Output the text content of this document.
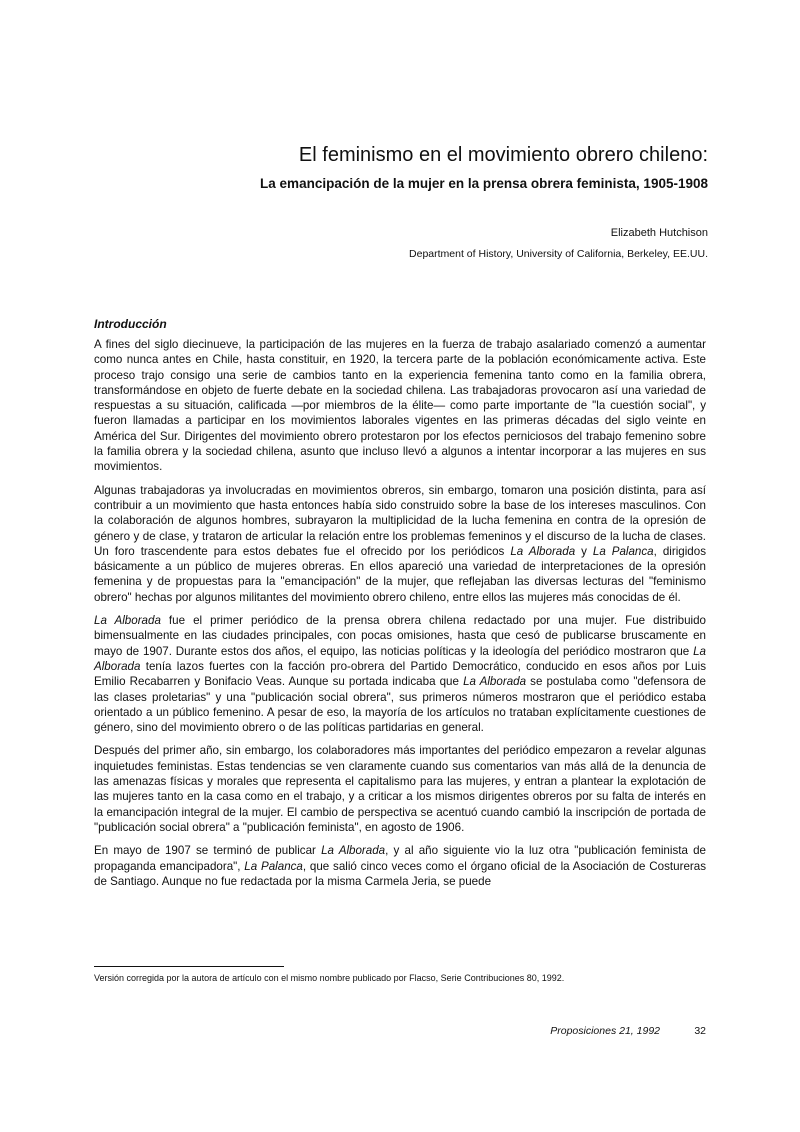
El feminismo en el movimiento obrero chileno:
La emancipación de la mujer en la prensa obrera feminista, 1905-1908

Elizabeth Hutchison

Department of History, University of California, Berkeley, EE.UU.

Introducción

A fines del siglo diecinueve, la participación de las mujeres en la fuerza de trabajo asalariado comenzó a aumentar como nunca antes en Chile, hasta constituir, en 1920, la tercera parte de la población económicamente activa. Este proceso trajo consigo una serie de cambios tanto en la experiencia femenina tanto como en la familia obrera, transformándose en objeto de fuerte debate en la sociedad chilena. Las trabajadoras provocaron así una variedad de respuestas a su situación, calificada —por miembros de la élite— como parte importante de "la cuestión social", y fueron llamadas a participar en los movimientos laborales vigentes en las primeras décadas del siglo veinte en América del Sur. Dirigentes del movimiento obrero protestaron por los efectos perniciosos del trabajo femenino sobre la familia obrera y la sociedad chilena, asunto que incluso llevó a algunos a intentar incorporar a las mujeres en sus movimientos.

Algunas trabajadoras ya involucradas en movimientos obreros, sin embargo, tomaron una posición distinta, para así contribuir a un movimiento que hasta entonces había sido construido sobre la base de los intereses masculinos. Con la colaboración de algunos hombres, subrayaron la multiplicidad de la lucha femenina en contra de la opresión de género y de clase, y trataron de articular la relación entre los problemas femeninos y el discurso de la lucha de clases. Un foro trascendente para estos debates fue el ofrecido por los periódicos La Alborada y La Palanca, dirigidos básicamente a un público de mujeres obreras. En ellos apareció una variedad de interpretaciones de la opresión femenina y de propuestas para la "emancipación" de la mujer, que reflejaban las diversas lecturas del "feminismo obrero" hechas por algunos militantes del movimiento obrero chileno, entre ellos las mujeres más conocidas de él.

La Alborada fue el primer periódico de la prensa obrera chilena redactado por una mujer. Fue distribuido bimensualmente en las ciudades principales, con pocas omisiones, hasta que cesó de publicarse bruscamente en mayo de 1907. Durante estos dos años, el equipo, las noticias políticas y la ideología del periódico mostraron que La Alborada tenía lazos fuertes con la facción pro-obrera del Partido Democrático, conducido en esos años por Luis Emilio Recabarren y Bonifacio Veas. Aunque su portada indicaba que La Alborada se postulaba como "defensora de las clases proletarias" y una "publicación social obrera", sus primeros números mostraron que el periódico estaba orientado a un público femenino. A pesar de eso, la mayoría de los artículos no trataban explícitamente cuestiones de género, sino del movimiento obrero o de las políticas partidarias en general.

Después del primer año, sin embargo, los colaboradores más importantes del periódico empezaron a revelar algunas inquietudes feministas. Estas tendencias se ven claramente cuando sus comentarios van más allá de la denuncia de las amenazas físicas y morales que representa el capitalismo para las mujeres, y entran a plantear la explotación de las mujeres tanto en la casa como en el trabajo, y a criticar a los mismos dirigentes obreros por su falta de interés en la emancipación integral de la mujer. El cambio de perspectiva se acentuó cuando cambió la inscripción de portada de "publicación social obrera" a "publicación feminista", en agosto de 1906.

En mayo de 1907 se terminó de publicar La Alborada, y al año siguiente vio la luz otra "publicación feminista de propaganda emancipadora", La Palanca, que salió cinco veces como el órgano oficial de la Asociación de Costureras de Santiago. Aunque no fue redactada por la misma Carmela Jeria, se puede

Versión corregida por la autora de artículo con el mismo nombre publicado por Flacso, Serie Contribuciones 80, 1992.

Proposiciones 21, 1992	32
